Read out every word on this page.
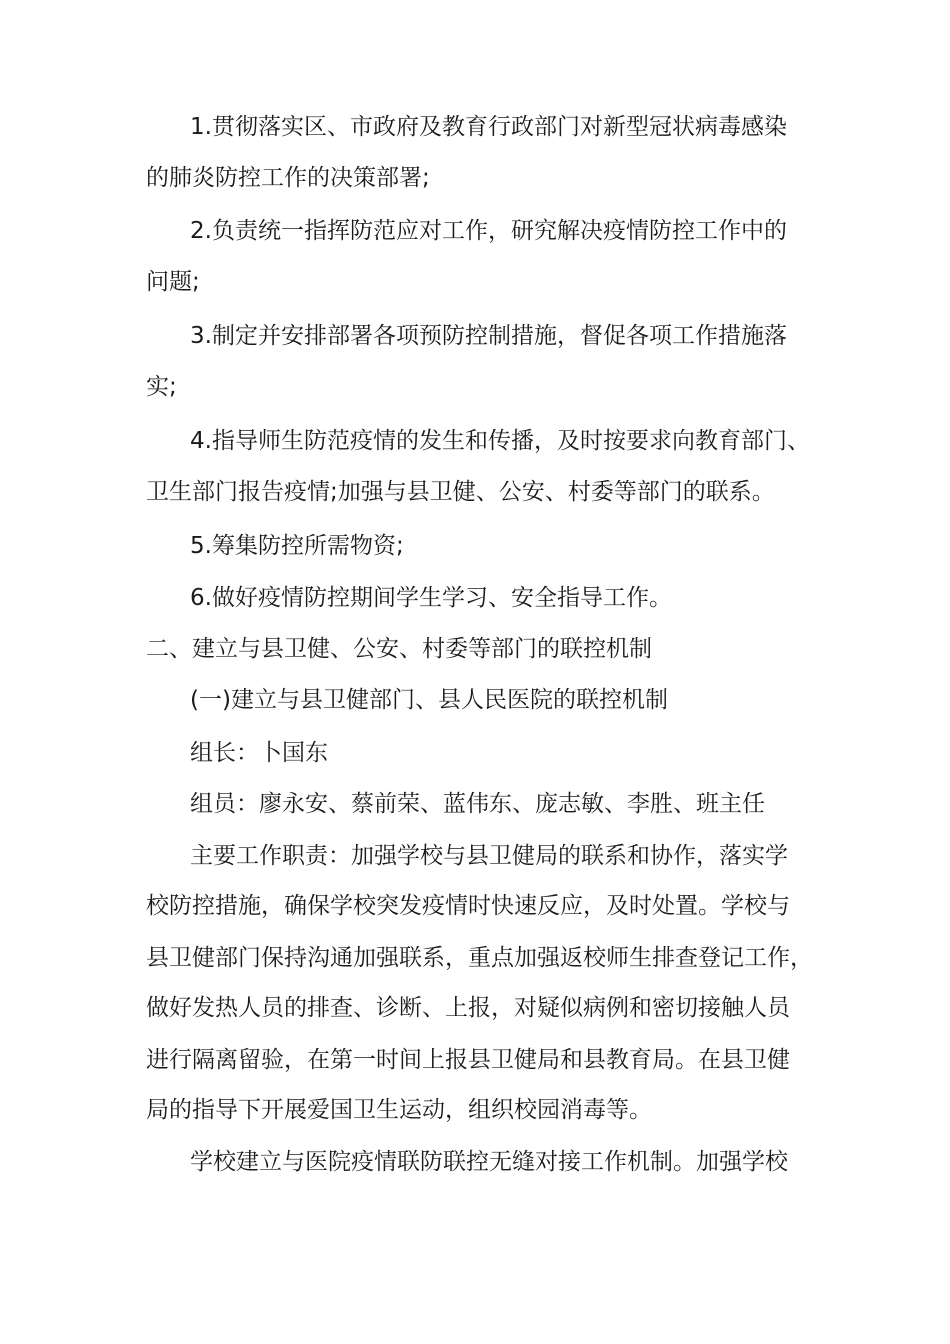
1.贯彻落实区、市政府及教育行政部门对新型冠状病毒感染
的肺炎防控工作的决策部署;
2.负责统一指挥防范应对工作，研究解决疫情防控工作中的
问题;
3.制定并安排部署各项预防控制措施，督促各项工作措施落
实;
4.指导师生防范疫情的发生和传播，及时按要求向教育部门、
卫生部门报告疫情;加强与县卫健、公安、村委等部门的联系。
5.筹集防控所需物资;
6.做好疫情防控期间学生学习、安全指导工作。
二、建立与县卫健、公安、村委等部门的联控机制
(一)建立与县卫健部门、县人民医院的联控机制
组长：卜国东
组员：廖永安、蔡前荣、蓝伟东、庞志敏、李胜、班主任
主要工作职责：加强学校与县卫健局的联系和协作，落实学
校防控措施，确保学校突发疫情时快速反应，及时处置。学校与
县卫健部门保持沟通加强联系，重点加强返校师生排查登记工作，
做好发热人员的排查、诊断、上报，对疑似病例和密切接触人员
进行隔离留验，在第一时间上报县卫健局和县教育局。在县卫健
局的指导下开展爱国卫生运动，组织校园消毒等。
学校建立与医院疫情联防联控无缝对接工作机制。加强学校
